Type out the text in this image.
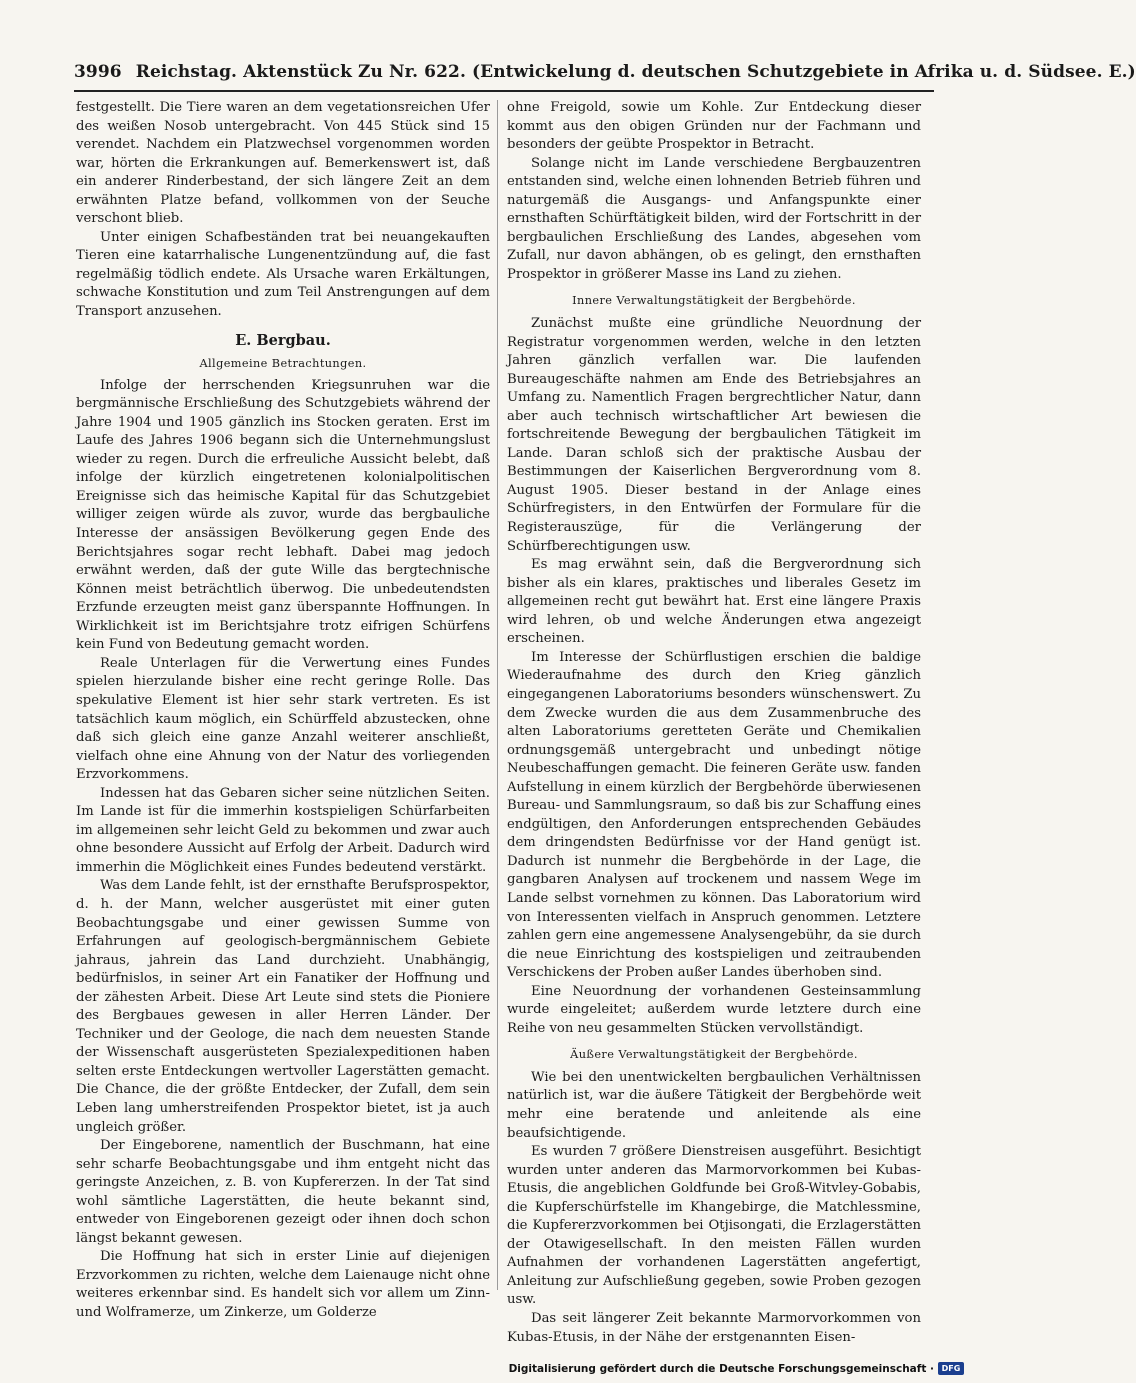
3996 Reichstag. Aktenstück Zu Nr. 622. (Entwickelung d. deutschen Schutzgebiete in Afrika u. d. Südsee. E.)

festgestellt. Die Tiere waren an dem vegetationsreichen Ufer des weißen Nosob untergebracht. Von 445 Stück sind 15 verendet. Nachdem ein Platzwechsel vorgenommen worden war, hörten die Erkrankungen auf. Bemerkenswert ist, daß ein anderer Rinderbestand, der sich längere Zeit an dem erwähnten Platze befand, vollkommen von der Seuche verschont blieb.

Unter einigen Schafbeständen trat bei neuangekauften Tieren eine katarrhalische Lungenentzündung auf, die fast regelmäßig tödlich endete. Als Ursache waren Erkältungen, schwache Konstitution und zum Teil Anstrengungen auf dem Transport anzusehen.

E. Bergbau.
Allgemeine Betrachtungen.

Infolge der herrschenden Kriegsunruhen war die bergmännische Erschließung des Schutzgebiets während der Jahre 1904 und 1905 gänzlich ins Stocken geraten. Erst im Laufe des Jahres 1906 begann sich die Unternehmungslust wieder zu regen. Durch die erfreuliche Aussicht belebt, daß infolge der kürzlich eingetretenen kolonialpolitischen Ereignisse sich das heimische Kapital für das Schutzgebiet williger zeigen würde als zuvor, wurde das bergbauliche Interesse der ansässigen Bevölkerung gegen Ende des Berichtsjahres sogar recht lebhaft. Dabei mag jedoch erwähnt werden, daß der gute Wille das bergtechnische Können meist beträchtlich überwog. Die unbedeutendsten Erzfunde erzeugten meist ganz überspannte Hoffnungen. In Wirklichkeit ist im Berichtsjahre trotz eifrigen Schürfens kein Fund von Bedeutung gemacht worden.

Reale Unterlagen für die Verwertung eines Fundes spielen hierzulande bisher eine recht geringe Rolle. Das spekulative Element ist hier sehr stark vertreten. Es ist tatsächlich kaum möglich, ein Schürffeld abzustecken, ohne daß sich gleich eine ganze Anzahl weiterer anschließt, vielfach ohne eine Ahnung von der Natur des vorliegenden Erzvorkommens.

Indessen hat das Gebaren sicher seine nützlichen Seiten. Im Lande ist für die immerhin kostspieligen Schürfarbeiten im allgemeinen sehr leicht Geld zu bekommen und zwar auch ohne besondere Aussicht auf Erfolg der Arbeit. Dadurch wird immerhin die Möglichkeit eines Fundes bedeutend verstärkt.

Was dem Lande fehlt, ist der ernsthafte Berufsprospektor, d. h. der Mann, welcher ausgerüstet mit einer guten Beobachtungsgabe und einer gewissen Summe von Erfahrungen auf geologisch-bergmännischem Gebiete jahraus, jahrein das Land durchzieht. Unabhängig, bedürfnislos, in seiner Art ein Fanatiker der Hoffnung und der zähesten Arbeit. Diese Art Leute sind stets die Pioniere des Bergbaues gewesen in aller Herren Länder. Der Techniker und der Geologe, die nach dem neuesten Stande der Wissenschaft ausgerüsteten Spezialexpeditionen haben selten erste Entdeckungen wertvoller Lagerstätten gemacht. Die Chance, die der größte Entdecker, der Zufall, dem sein Leben lang umherstreifenden Prospektor bietet, ist ja auch ungleich größer.

Der Eingeborene, namentlich der Buschmann, hat eine sehr scharfe Beobachtungsgabe und ihm entgeht nicht das geringste Anzeichen, z. B. von Kupfererzen. In der Tat sind wohl sämtliche Lagerstätten, die heute bekannt sind, entweder von Eingeborenen gezeigt oder ihnen doch schon längst bekannt gewesen.

Die Hoffnung hat sich in erster Linie auf diejenigen Erzvorkommen zu richten, welche dem Laienauge nicht ohne weiteres erkennbar sind. Es handelt sich vor allem um Zinn- und Wolframerze, um Zinkerze, um Golderze

ohne Freigold, sowie um Kohle. Zur Entdeckung dieser kommt aus den obigen Gründen nur der Fachmann und besonders der geübte Prospektor in Betracht.

Solange nicht im Lande verschiedene Bergbauzentren entstanden sind, welche einen lohnenden Betrieb führen und naturgemäß die Ausgangs- und Anfangspunkte einer ernsthaften Schürftätigkeit bilden, wird der Fortschritt in der bergbaulichen Erschließung des Landes, abgesehen vom Zufall, nur davon abhängen, ob es gelingt, den ernsthaften Prospektor in größerer Masse ins Land zu ziehen.

Innere Verwaltungstätigkeit der Bergbehörde.

Zunächst mußte eine gründliche Neuordnung der Registratur vorgenommen werden, welche in den letzten Jahren gänzlich verfallen war. Die laufenden Bureaugeschäfte nahmen am Ende des Betriebsjahres an Umfang zu. Namentlich Fragen bergrechtlicher Natur, dann aber auch technisch wirtschaftlicher Art bewiesen die fortschreitende Bewegung der bergbaulichen Tätigkeit im Lande. Daran schloß sich der praktische Ausbau der Bestimmungen der Kaiserlichen Bergverordnung vom 8. August 1905. Dieser bestand in der Anlage eines Schürfregisters, in den Entwürfen der Formulare für die Registerauszüge, für die Verlängerung der Schürfberechtigungen usw.

Es mag erwähnt sein, daß die Bergverordnung sich bisher als ein klares, praktisches und liberales Gesetz im allgemeinen recht gut bewährt hat. Erst eine längere Praxis wird lehren, ob und welche Änderungen etwa angezeigt erscheinen.

Im Interesse der Schürflustigen erschien die baldige Wiederaufnahme des durch den Krieg gänzlich eingegangenen Laboratoriums besonders wünschenswert. Zu dem Zwecke wurden die aus dem Zusammenbruche des alten Laboratoriums geretteten Geräte und Chemikalien ordnungsgemäß untergebracht und unbedingt nötige Neubeschaffungen gemacht. Die feineren Geräte usw. fanden Aufstellung in einem kürzlich der Bergbehörde überwiesenen Bureau- und Sammlungsraum, so daß bis zur Schaffung eines endgültigen, den Anforderungen entsprechenden Gebäudes dem dringendsten Bedürfnisse vor der Hand genügt ist. Dadurch ist nunmehr die Bergbehörde in der Lage, die gangbaren Analysen auf trockenem und nassem Wege im Lande selbst vornehmen zu können. Das Laboratorium wird von Interessenten vielfach in Anspruch genommen. Letztere zahlen gern eine angemessene Analysengebühr, da sie durch die neue Einrichtung des kostspieligen und zeitraubenden Verschickens der Proben außer Landes überhoben sind.

Eine Neuordnung der vorhandenen Gesteinsammlung wurde eingeleitet; außerdem wurde letztere durch eine Reihe von neu gesammelten Stücken vervollständigt.

Äußere Verwaltungstätigkeit der Bergbehörde.

Wie bei den unentwickelten bergbaulichen Verhältnissen natürlich ist, war die äußere Tätigkeit der Bergbehörde weit mehr eine beratende und anleitende als eine beaufsichtigende.

Es wurden 7 größere Dienstreisen ausgeführt. Besichtigt wurden unter anderen das Marmorvorkommen bei Kubas-Etusis, die angeblichen Goldfunde bei Groß-Witvley-Gobabis, die Kupferschürfstelle im Khangebirge, die Matchlessmine, die Kupfererzvorkommen bei Otjisongati, die Erzlagerstätten der Otawigesellschaft. In den meisten Fällen wurden Aufnahmen der vorhandenen Lagerstätten angefertigt, Anleitung zur Aufschließung gegeben, sowie Proben gezogen usw.

Das seit längerer Zeit bekannte Marmorvorkommen von Kubas-Etusis, in der Nähe der erstgenannten Eisen-

Digitalisierung gefördert durch die Deutsche Forschungsgemeinschaft · DFG
